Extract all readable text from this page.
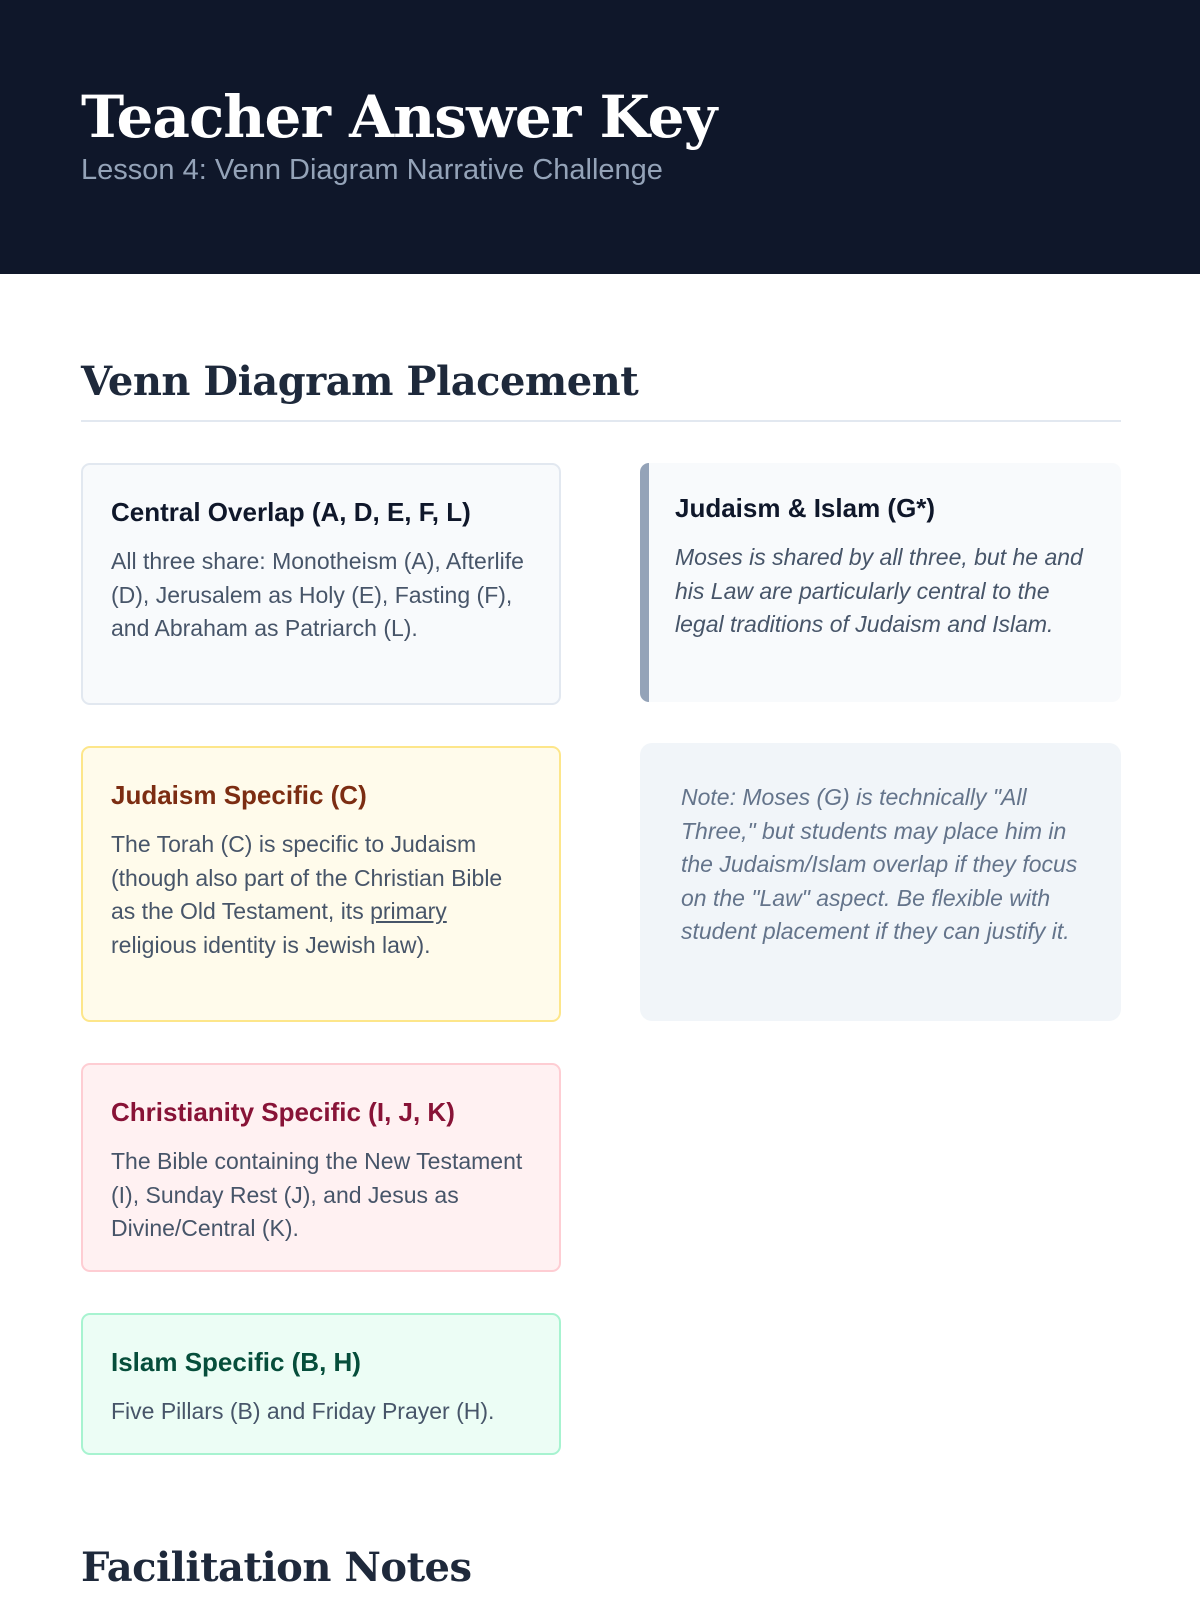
Teacher Answer Key
Lesson 4: Venn Diagram Narrative Challenge
Venn Diagram Placement
Central Overlap (A, D, E, F, L)
All three share: Monotheism (A), Afterlife (D), Jerusalem as Holy (E), Fasting (F), and Abraham as Patriarch (L).
Judaism & Islam (G*)
Moses is shared by all three, but he and his Law are particularly central to the legal traditions of Judaism and Islam.
Note: Moses (G) is technically "All Three," but students may place him in the Judaism/Islam overlap if they focus on the "Law" aspect. Be flexible with student placement if they can justify it.
Judaism Specific (C)
The Torah (C) is specific to Judaism (though also part of the Christian Bible as the Old Testament, its primary religious identity is Jewish law).
Christianity Specific (I, J, K)
The Bible containing the New Testament (I), Sunday Rest (J), and Jesus as Divine/Central (K).
Islam Specific (B, H)
Five Pillars (B) and Friday Prayer (H).
Facilitation Notes
